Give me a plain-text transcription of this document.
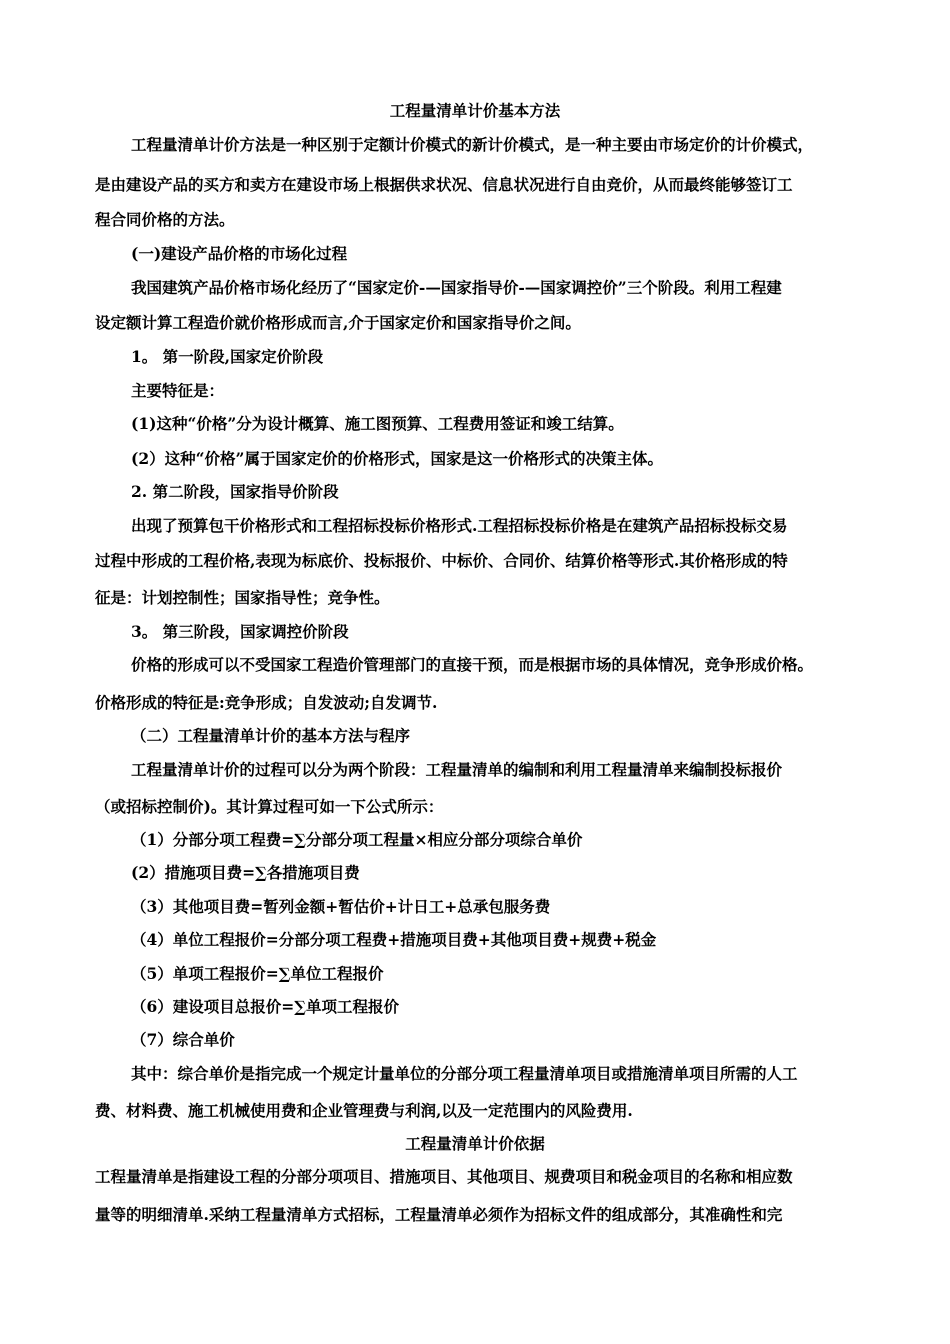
工程量清单计价基本方法
工程量清单计价方法是一种区别于定额计价模式的新计价模式，是一种主要由市场定价的计价模式，
是由建设产品的买方和卖方在建设市场上根据供求状况、信息状况进行自由竞价，从而最终能够签订工
程合同价格的方法。
(一)建设产品价格的市场化过程
我国建筑产品价格市场化经历了“国家定价-—国家指导价-—国家调控价”三个阶段。利用工程建
设定额计算工程造价就价格形成而言,介于国家定价和国家指导价之间。
1。 第一阶段,国家定价阶段
主要特征是：
(1)这种“价格”分为设计概算、施工图预算、工程费用签证和竣工结算。
(2）这种“价格”属于国家定价的价格形式，国家是这一价格形式的决策主体。
2. 第二阶段，国家指导价阶段
出现了预算包干价格形式和工程招标投标价格形式.工程招标投标价格是在建筑产品招标投标交易
过程中形成的工程价格,表现为标底价、投标报价、中标价、合同价、结算价格等形式.其价格形成的特
征是：计划控制性；国家指导性；竞争性。
3。 第三阶段，国家调控价阶段
价格的形成可以不受国家工程造价管理部门的直接干预，而是根据市场的具体情况，竞争形成价格。
价格形成的特征是:竞争形成；自发波动;自发调节.
（二）工程量清单计价的基本方法与程序
工程量清单计价的过程可以分为两个阶段：工程量清单的编制和利用工程量清单来编制投标报价
（或招标控制价)。其计算过程可如一下公式所示：
（1）分部分项工程费=∑分部分项工程量×相应分部分项综合单价
(2）措施项目费=∑各措施项目费
（3）其他项目费=暂列金额+暂估价+计日工+总承包服务费
（4）单位工程报价=分部分项工程费+措施项目费+其他项目费+规费+税金
（5）单项工程报价=∑单位工程报价
（6）建设项目总报价=∑单项工程报价
（7）综合单价
其中：综合单价是指完成一个规定计量单位的分部分项工程量清单项目或措施清单项目所需的人工
费、材料费、施工机械使用费和企业管理费与利润,以及一定范围内的风险费用.
工程量清单计价依据
工程量清单是指建设工程的分部分项项目、措施项目、其他项目、规费项目和税金项目的名称和相应数
量等的明细清单.采纳工程量清单方式招标，工程量清单必须作为招标文件的组成部分，其准确性和完
